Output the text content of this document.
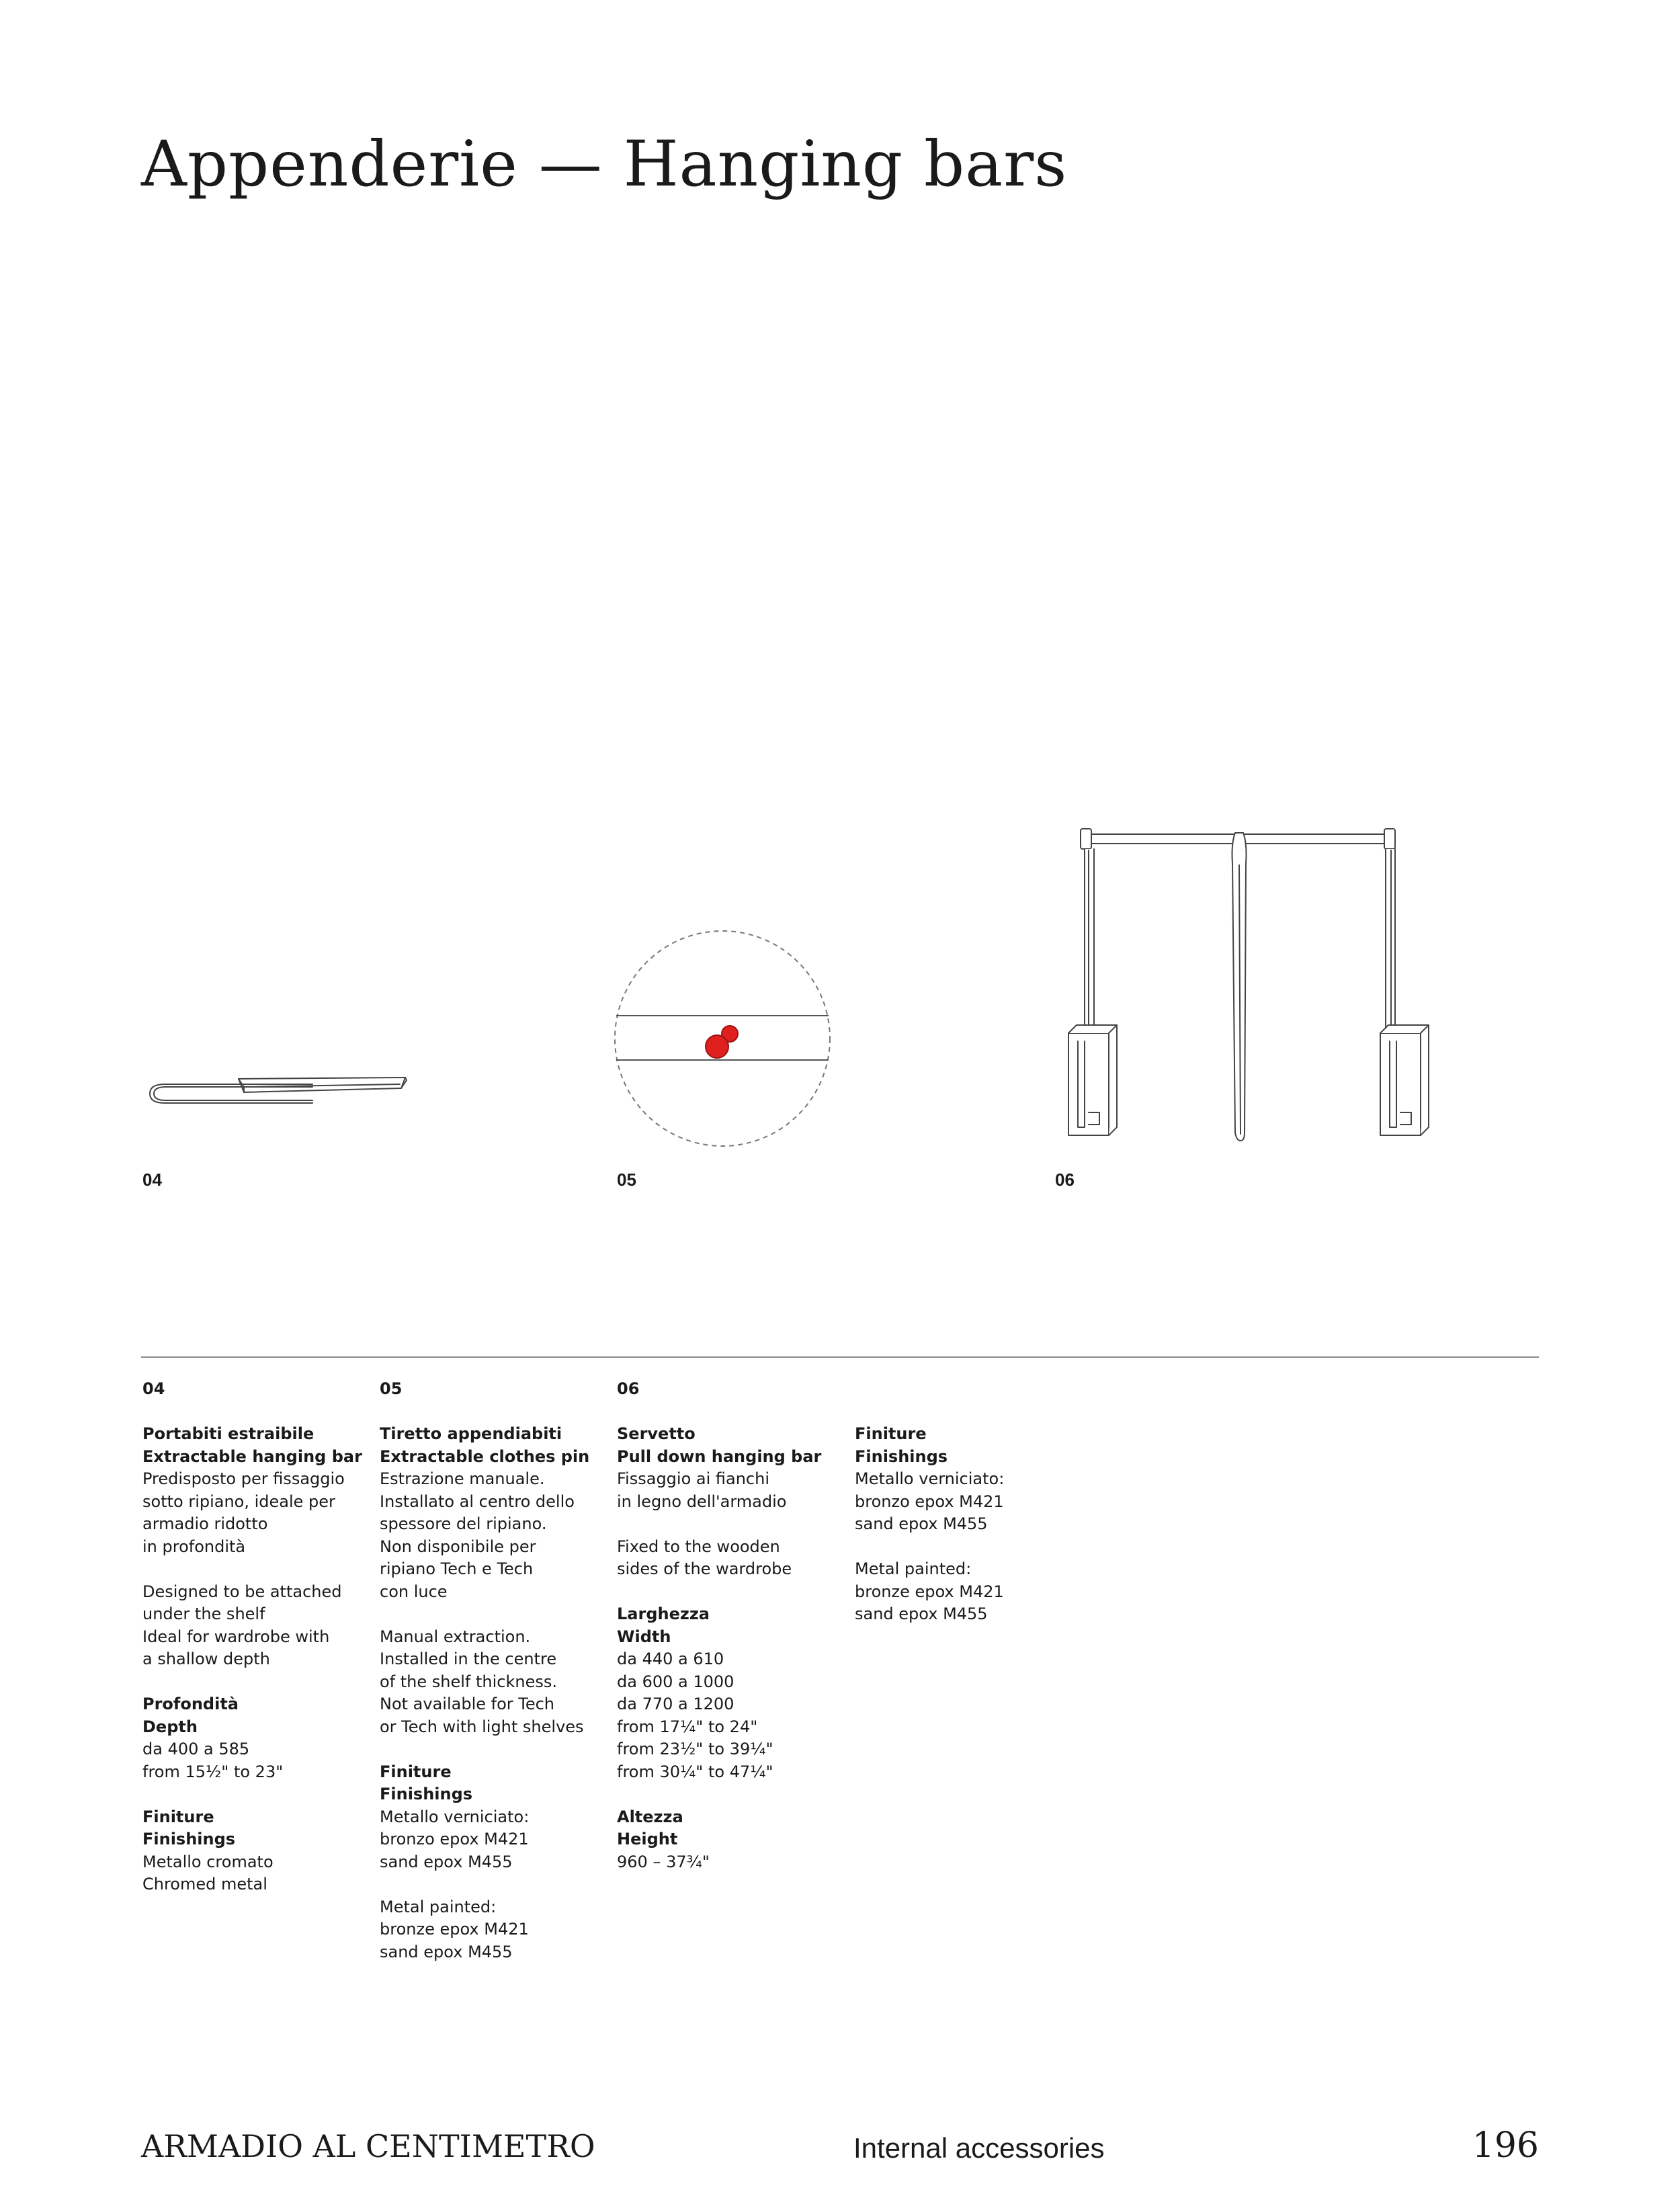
Appenderie — Hanging bars
04	05	06
04
Portabiti estraibile
Extractable hanging bar
Predisposto per fissaggio
sotto ripiano, ideale per
armadio ridotto
in profondità
Designed to be attached
under the shelf
Ideal for wardrobe with
a shallow depth
Profondità
Depth
da 400 a 585
from 15½" to 23"
Finiture
Finishings
Metallo cromato
Chromed metal
05
Tiretto appendiabiti
Extractable clothes pin
Estrazione manuale.
Installato al centro dello
spessore del ripiano.
Non disponibile per
ripiano Tech e Tech
con luce
Manual extraction.
Installed in the centre
of the shelf thickness.
Not available for Tech
or Tech with light shelves
Finiture
Finishings
Metallo verniciato:
bronzo epox M421
sand epox M455
Metal painted:
bronze epox M421
sand epox M455
06
Servetto
Pull down hanging bar
Fissaggio ai fianchi
in legno dell'armadio
Fixed to the wooden
sides of the wardrobe
Larghezza
Width
da 440 a 610
da 600 a 1000
da 770 a 1200
from 17¼" to 24"
from 23½" to 39¼"
from 30¼" to 47¼"
Altezza
Height
960 – 37¾"
Finiture
Finishings
Metallo verniciato:
bronzo epox M421
sand epox M455
Metal painted:
bronze epox M421
sand epox M455
ARMADIO AL CENTIMETRO	Internal accessories	196
